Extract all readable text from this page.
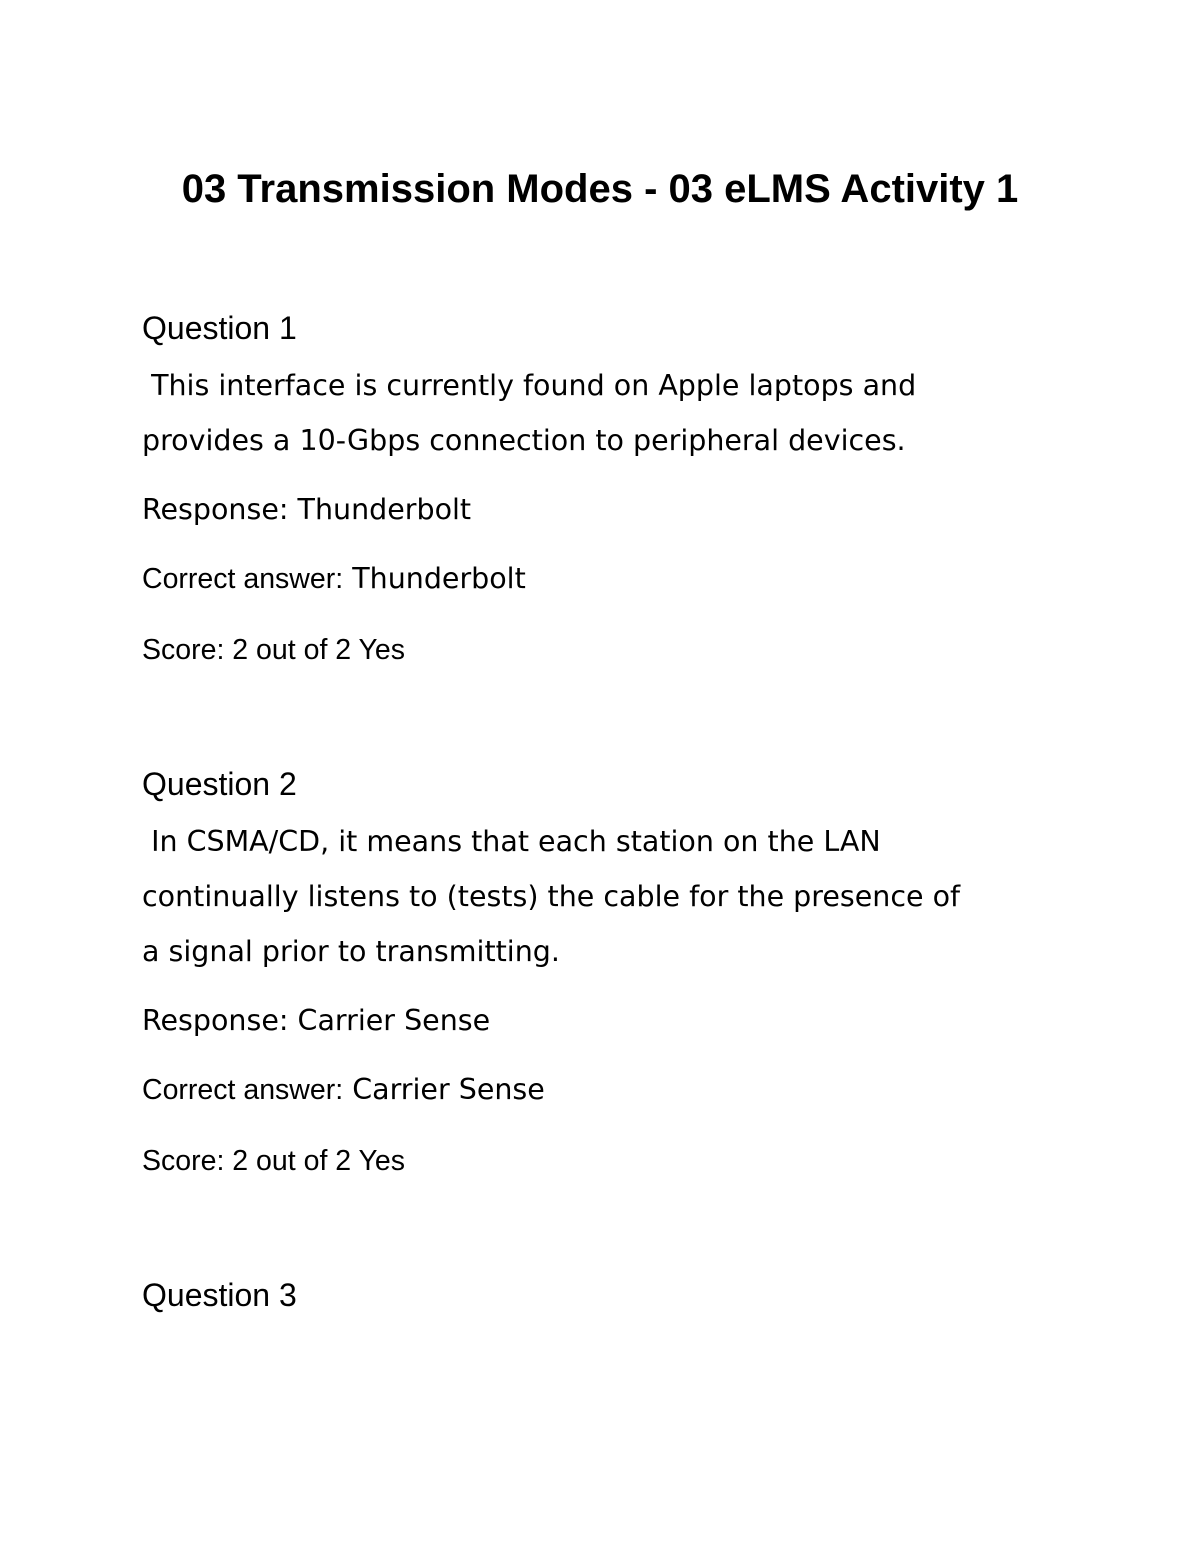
03 Transmission Modes - 03 eLMS Activity 1
Question 1

This interface is currently found on Apple laptops and
provides a 10-Gbps connection to peripheral devices.

Response: Thunderbolt

Correct answer: Thunderbolt

Score: 2 out of 2 Yes

Question 2

In CSMA/CD, it means that each station on the LAN
continually listens to (tests) the cable for the presence of
a signal prior to transmitting.

Response: Carrier Sense

Correct answer: Carrier Sense

Score: 2 out of 2 Yes

Question 3
